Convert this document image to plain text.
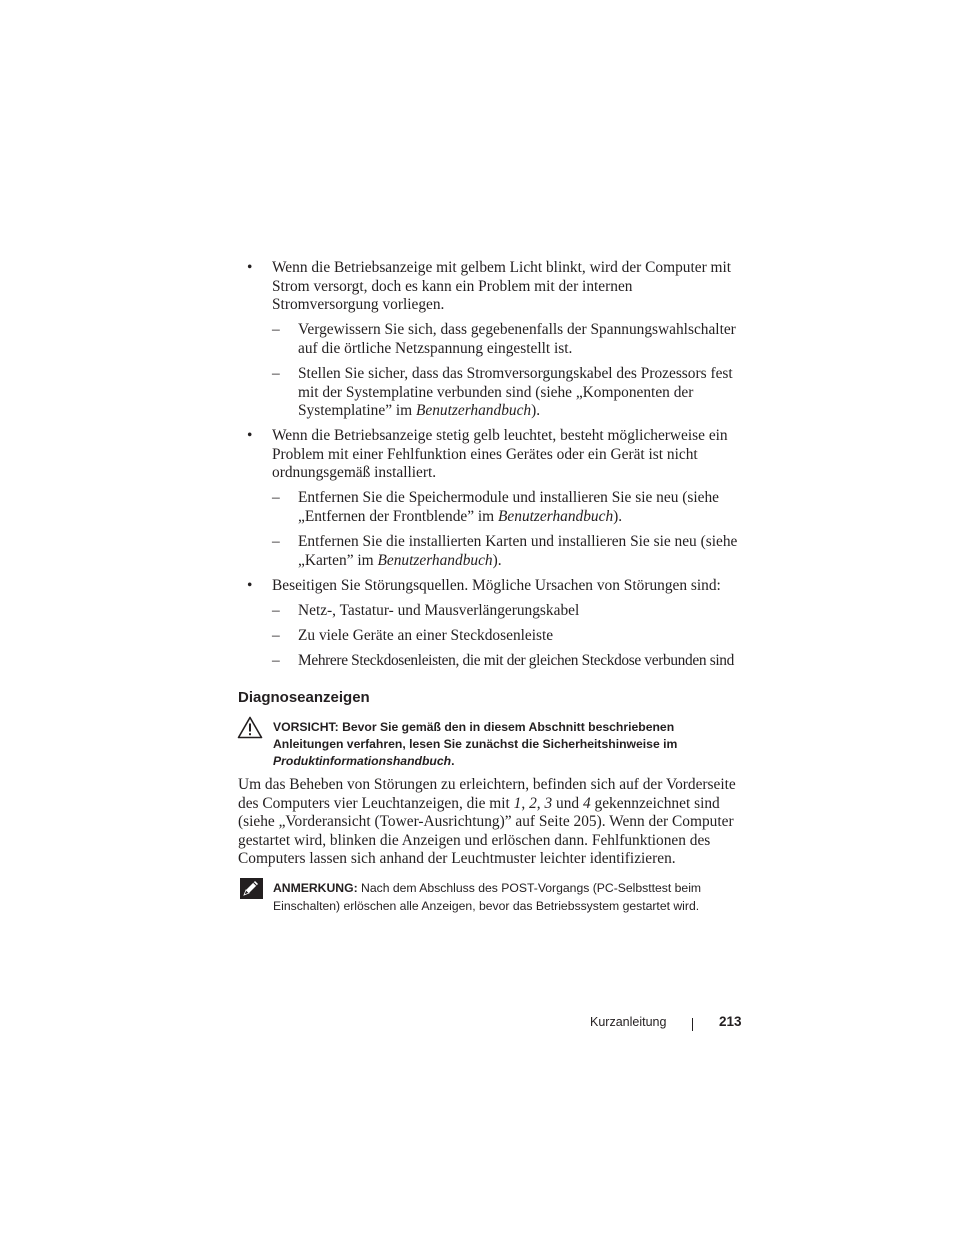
• Wenn die Betriebsanzeige mit gelbem Licht blinkt, wird der Computer mit Strom versorgt, doch es kann ein Problem mit der internen Stromversorgung vorliegen.
– Vergewissern Sie sich, dass gegebenenfalls der Spannungswahlschalter auf die örtliche Netzspannung eingestellt ist.
– Stellen Sie sicher, dass das Stromversorgungskabel des Prozessors fest mit der Systemplatine verbunden sind (siehe „Komponenten der Systemplatine” im Benutzerhandbuch).
• Wenn die Betriebsanzeige stetig gelb leuchtet, besteht möglicherweise ein Problem mit einer Fehlfunktion eines Gerätes oder ein Gerät ist nicht ordnungsgemäß installiert.
– Entfernen Sie die Speichermodule und installieren Sie sie neu (siehe „Entfernen der Frontblende” im Benutzerhandbuch).
– Entfernen Sie die installierten Karten und installieren Sie sie neu (siehe „Karten” im Benutzerhandbuch).
• Beseitigen Sie Störungsquellen. Mögliche Ursachen von Störungen sind:
– Netz-, Tastatur- und Mausverlängerungskabel
– Zu viele Geräte an einer Steckdosenleiste
– Mehrere Steckdosenleisten, die mit der gleichen Steckdose verbunden sind
Diagnoseanzeigen
VORSICHT: Bevor Sie gemäß den in diesem Abschnitt beschriebenen Anleitungen verfahren, lesen Sie zunächst die Sicherheitshinweise im Produktinformationshandbuch.
Um das Beheben von Störungen zu erleichtern, befinden sich auf der Vorderseite des Computers vier Leuchtanzeigen, die mit 1, 2, 3 und 4 gekennzeichnet sind (siehe „Vorderansicht (Tower-Ausrichtung)” auf Seite 205). Wenn der Computer gestartet wird, blinken die Anzeigen und erlöschen dann. Fehlfunktionen des Computers lassen sich anhand der Leuchtmuster leichter identifizieren.
ANMERKUNG: Nach dem Abschluss des POST-Vorgangs (PC-Selbsttest beim Einschalten) erlöschen alle Anzeigen, bevor das Betriebssystem gestartet wird.
Kurzanleitung	213
